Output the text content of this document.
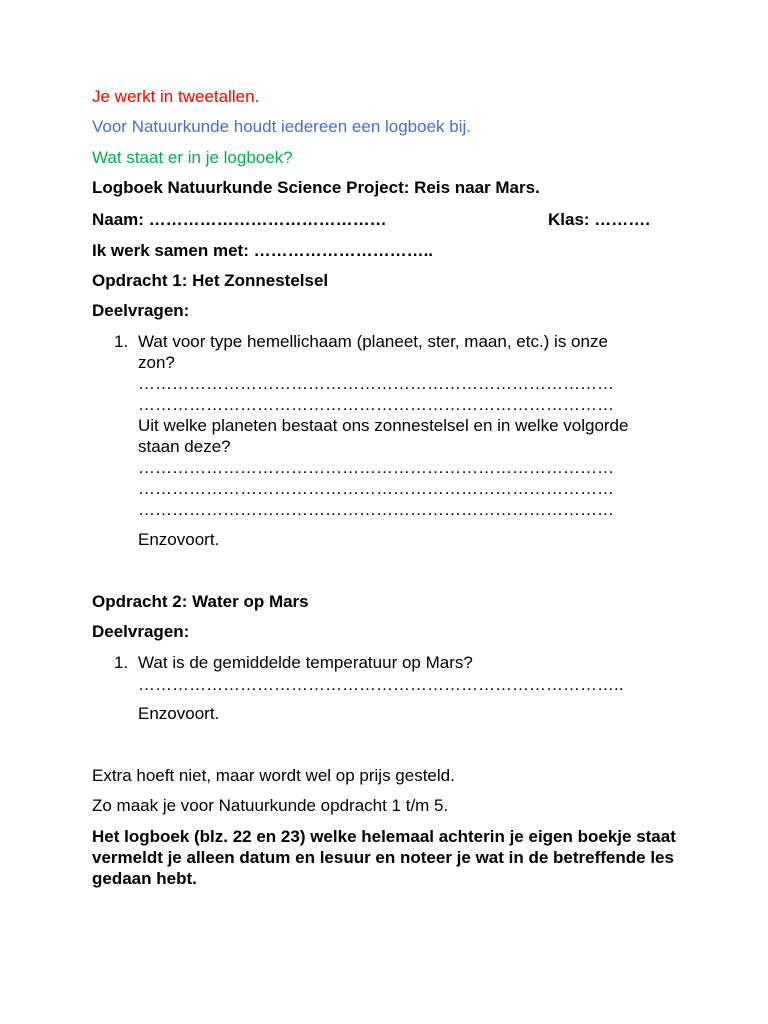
Je werkt in tweetallen.
Voor Natuurkunde houdt iedereen een logboek bij.
Wat staat er in je logboek?
Logboek Natuurkunde Science Project: Reis naar Mars.
Naam: ……………………………………	Klas: ……….
Ik werk samen met: …………………………..
Opdracht 1: Het Zonnestelsel
Deelvragen:
1. Wat voor type hemellichaam (planeet, ster, maan, etc.) is onze
zon?
…………………………………………………………………………
…………………………………………………………………………
Uit welke planeten bestaat ons zonnestelsel en in welke volgorde
staan deze?
…………………………………………………………………………
…………………………………………………………………………
…………………………………………………………………………
Enzovoort.
Opdracht 2: Water op Mars
Deelvragen:
1. Wat is de gemiddelde temperatuur op Mars?
…………………………………………………………………………..
Enzovoort.
Extra hoeft niet, maar wordt wel op prijs gesteld.
Zo maak je voor Natuurkunde opdracht 1 t/m 5.
Het logboek (blz. 22 en 23) welke helemaal achterin je eigen boekje staat vermeldt je alleen datum en lesuur en noteer je wat in de betreffende les gedaan hebt.
